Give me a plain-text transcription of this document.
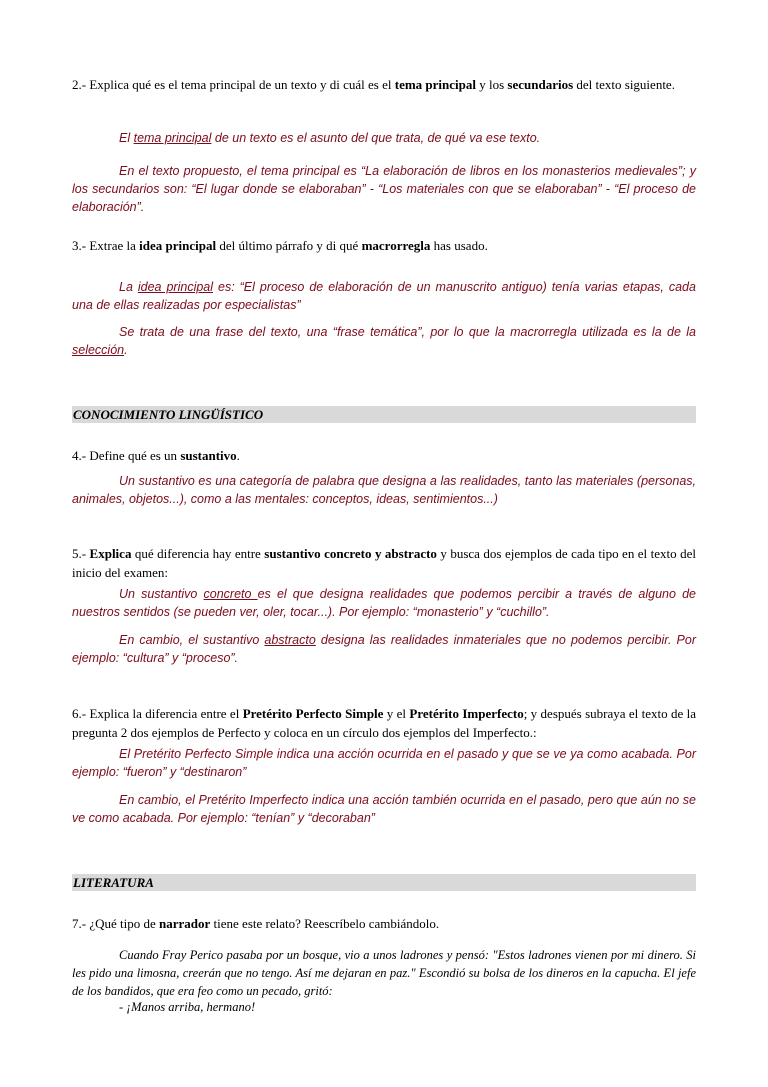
2.- Explica qué es el tema principal de un texto y di cuál es el tema principal y los secundarios del texto siguiente.

El tema principal de un texto es el asunto del que trata, de qué va ese texto.

En el texto propuesto, el tema principal es “La elaboración de libros en los monasterios medievales”; y los secundarios son: “El lugar donde se elaboraban” - “Los materiales con que se elaboraban” - “El proceso de elaboración”.

3.- Extrae la idea principal del último párrafo y di qué macrorregla has usado.

La idea principal es: “El proceso de elaboración de un manuscrito antiguo) tenía varias etapas, cada una de ellas realizadas por especialistas”

Se trata de una frase del texto, una “frase temática”, por lo que la macrorregla utilizada es la de la selección.

CONOCIMIENTO LINGÜÍSTICO

4.- Define qué es un sustantivo.

Un sustantivo es una categoría de palabra que designa a las realidades, tanto las materiales (personas, animales, objetos...), como a las mentales: conceptos, ideas, sentimientos...)

5.- Explica qué diferencia hay entre sustantivo concreto y abstracto y busca dos ejemplos de cada tipo en el texto del inicio del examen:

Un sustantivo concreto es el que designa realidades que podemos percibir a través de alguno de nuestros sentidos (se pueden ver, oler, tocar...). Por ejemplo: “monasterio” y “cuchillo”.

En cambio, el sustantivo abstracto designa las realidades inmateriales que no podemos percibir. Por ejemplo: “cultura” y “proceso”.

6.- Explica la diferencia entre el Pretérito Perfecto Simple y el Pretérito Imperfecto; y después subraya el texto de la pregunta 2 dos ejemplos de Perfecto y coloca en un círculo dos ejemplos del Imperfecto.:

El Pretérito Perfecto Simple indica una acción ocurrida en el pasado y que se ve ya como acabada. Por ejemplo: “fueron” y “destinaron”

En cambio, el Pretérito Imperfecto indica una acción también ocurrida en el pasado, pero que aún no se ve como acabada. Por ejemplo: “tenían” y “decoraban”

LITERATURA

7.- ¿Qué tipo de narrador tiene este relato? Reescríbelo cambiándolo.

Cuando Fray Perico pasaba por un bosque, vio a unos ladrones y pensó: "Estos ladrones vienen por mi dinero. Si les pido una limosna, creerán que no tengo. Así me dejaran en paz." Escondió su bolsa de los dineros en la capucha. El jefe de los bandidos, que era feo como un pecado, gritó:

- ¡Manos arriba, hermano!
